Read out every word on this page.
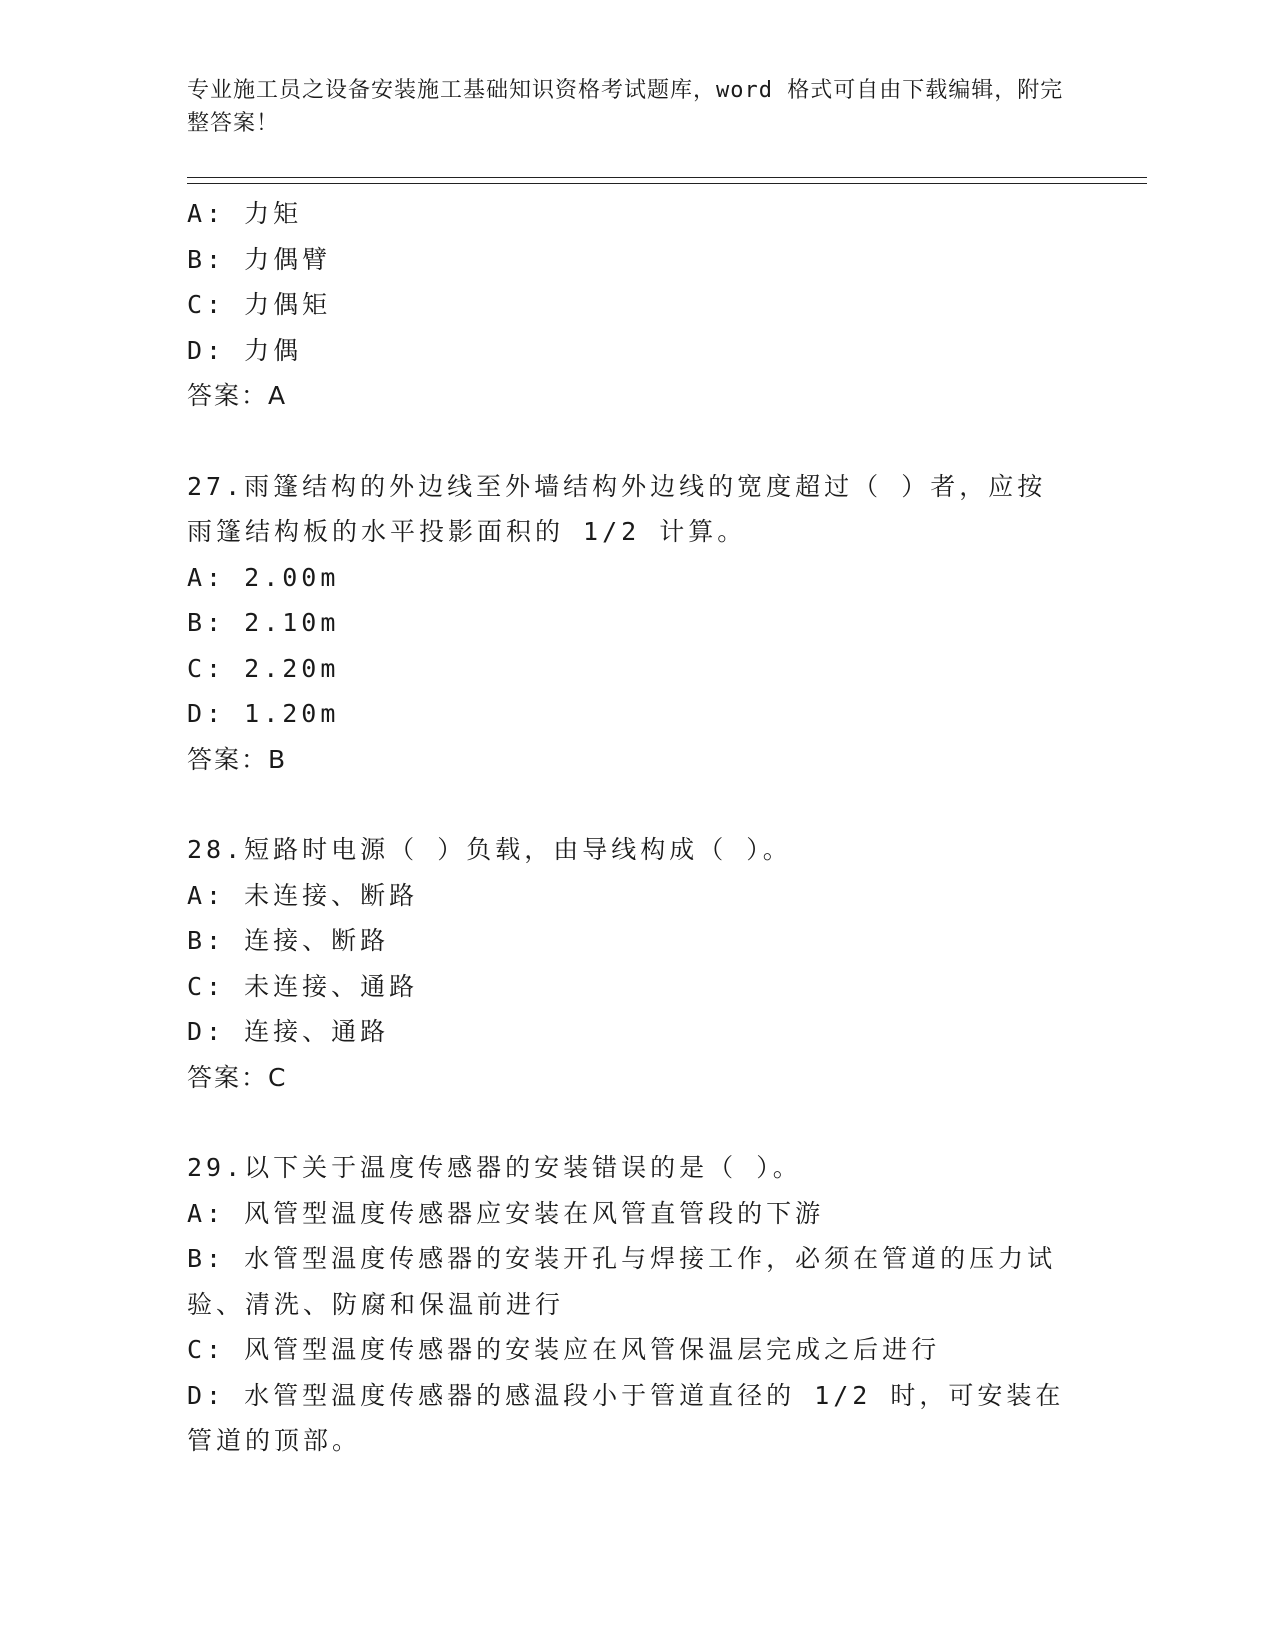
专业施工员之设备安装施工基础知识资格考试题库，word 格式可自由下载编辑，附完整答案！
A: 力矩
B: 力偶臂
C: 力偶矩
D: 力偶
答案：A
27.雨篷结构的外边线至外墙结构外边线的宽度超过（ ）者，应按雨篷结构板的水平投影面积的 1/2 计算。
A: 2.00m
B: 2.10m
C: 2.20m
D: 1.20m
答案：B
28.短路时电源（ ）负载，由导线构成（ ）。
A: 未连接、断路
B: 连接、断路
C: 未连接、通路
D: 连接、通路
答案：C
29.以下关于温度传感器的安装错误的是（ ）。
A: 风管型温度传感器应安装在风管直管段的下游
B: 水管型温度传感器的安装开孔与焊接工作，必须在管道的压力试验、清洗、防腐和保温前进行
C: 风管型温度传感器的安装应在风管保温层完成之后进行
D: 水管型温度传感器的感温段小于管道直径的 1/2 时，可安装在管道的顶部。
